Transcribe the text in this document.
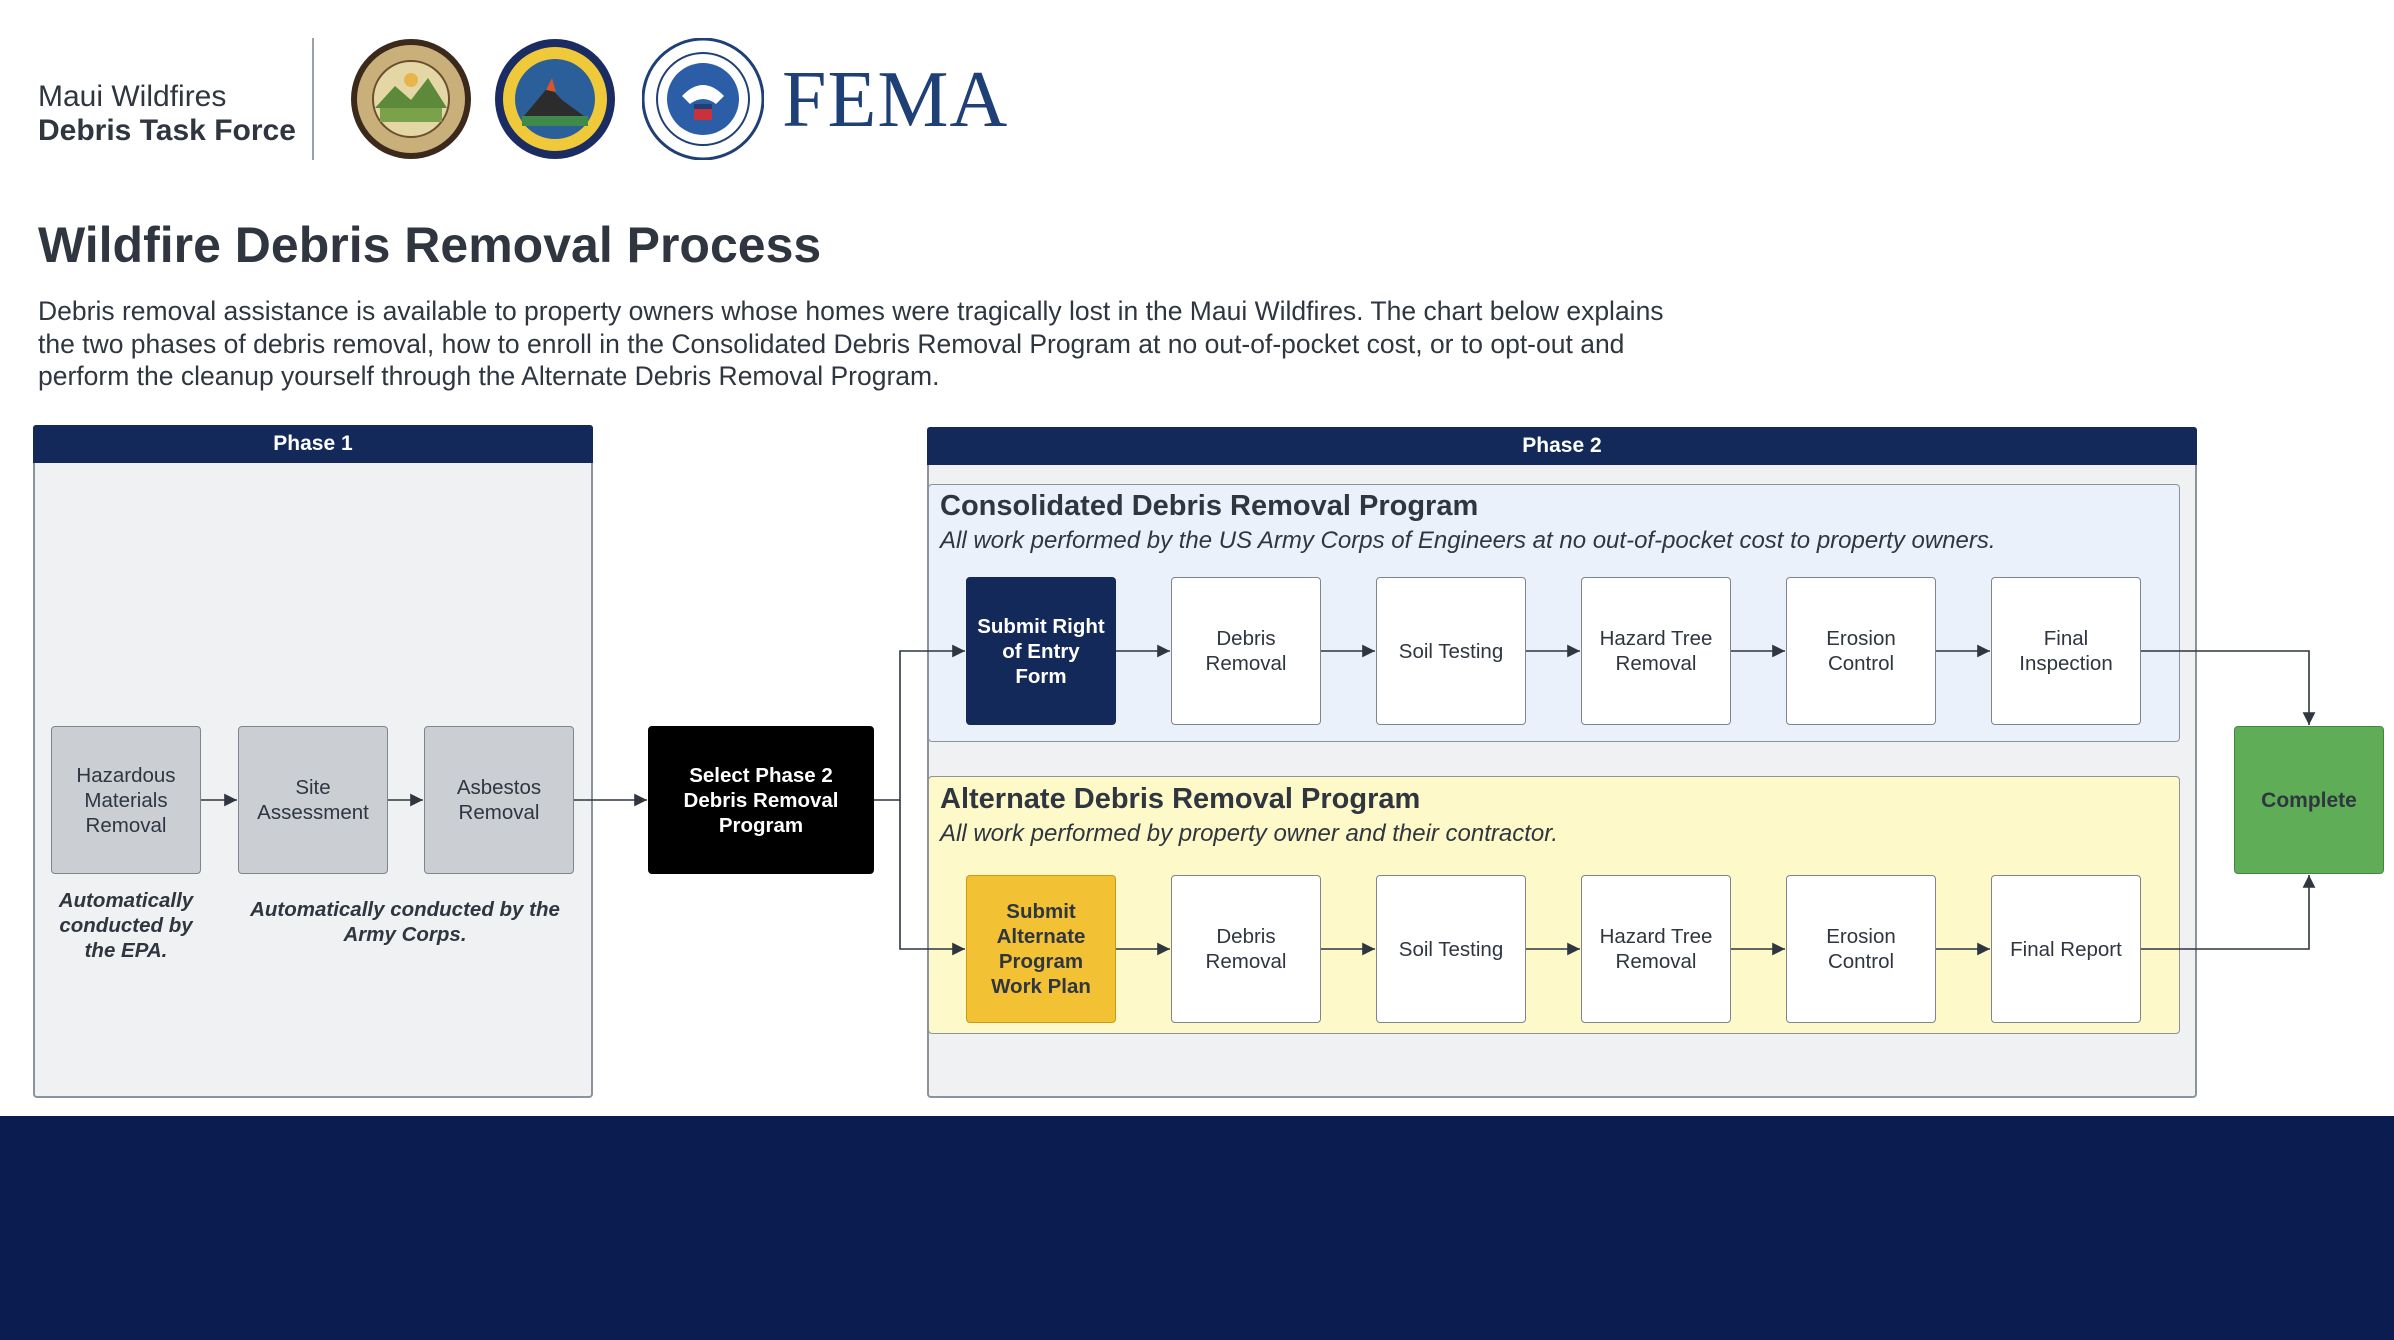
Maui Wildfires
Debris Task Force	FEMA
Wildfire Debris Removal Process
Debris removal assistance is available to property owners whose homes were tragically lost in the Maui Wildfires. The chart below explains the two phases of debris removal, how to enroll in the Consolidated Debris Removal Program at no out-of-pocket cost, or to opt-out and perform the cleanup yourself through the Alternate Debris Removal Program.
Phase 1
Hazardous Materials Removal
Site Assessment
Asbestos Removal
Automatically conducted by the EPA.
Automatically conducted by the Army Corps.
Select Phase 2 Debris Removal Program
Phase 2
Consolidated Debris Removal Program
All work performed by the US Army Corps of Engineers at no out-of-pocket cost to property owners.
Submit Right of Entry Form
Debris Removal
Soil Testing
Hazard Tree Removal
Erosion Control
Final Inspection
Alternate Debris Removal Program
All work performed by property owner and their contractor.
Submit Alternate Program Work Plan
Debris Removal
Soil Testing
Hazard Tree Removal
Erosion Control
Final Report
Complete
